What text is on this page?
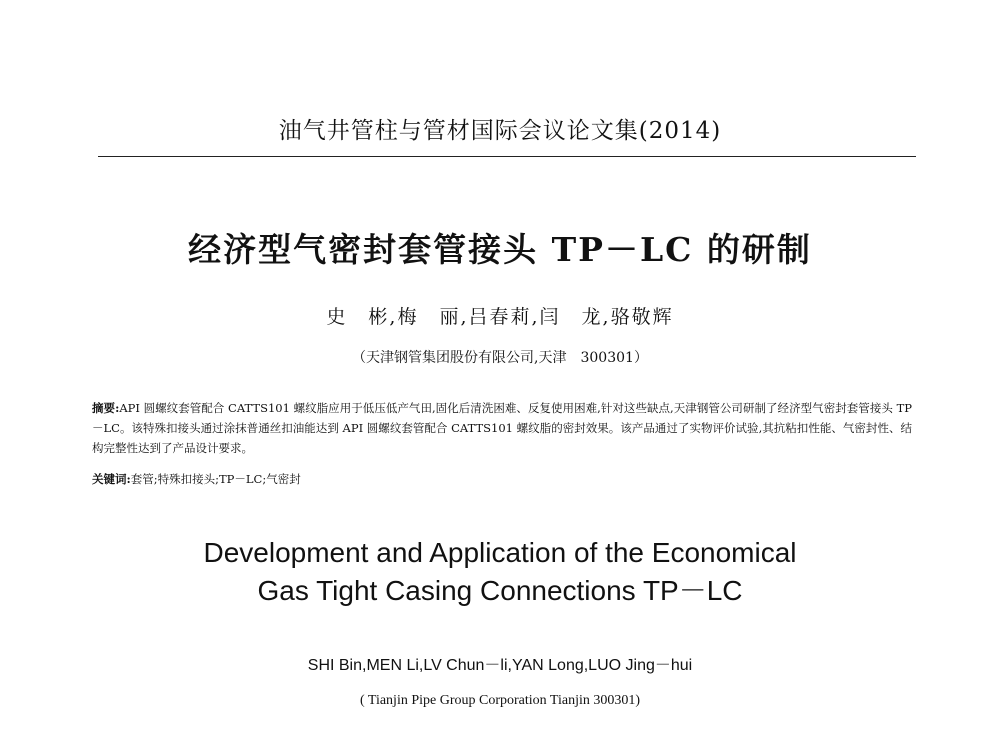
油气井管柱与管材国际会议论文集(2014)
经济型气密封套管接头 TP－LC 的研制
史　彬,梅　丽,吕春莉,闫　龙,骆敬辉
（天津钢管集团股份有限公司,天津　300301）
摘要:API 圆螺纹套管配合 CATTS101 螺纹脂应用于低压低产气田,固化后清洗困难、反复使用困难,针对这些缺点,天津钢管公司研制了经济型气密封套管接头 TP－LC。该特殊扣接头通过涂抹普通丝扣油能达到 API 圆螺纹套管配合 CATTS101 螺纹脂的密封效果。该产品通过了实物评价试验,其抗粘扣性能、气密封性、结构完整性达到了产品设计要求。
关键词:套管;特殊扣接头;TP－LC;气密封
Development and Application of the Economical
Gas Tight Casing Connections TP－LC
SHI Bin,MEN Li,LV Chun－li,YAN Long,LUO Jing－hui
( Tianjin Pipe Group Corporation Tianjin 300301)
